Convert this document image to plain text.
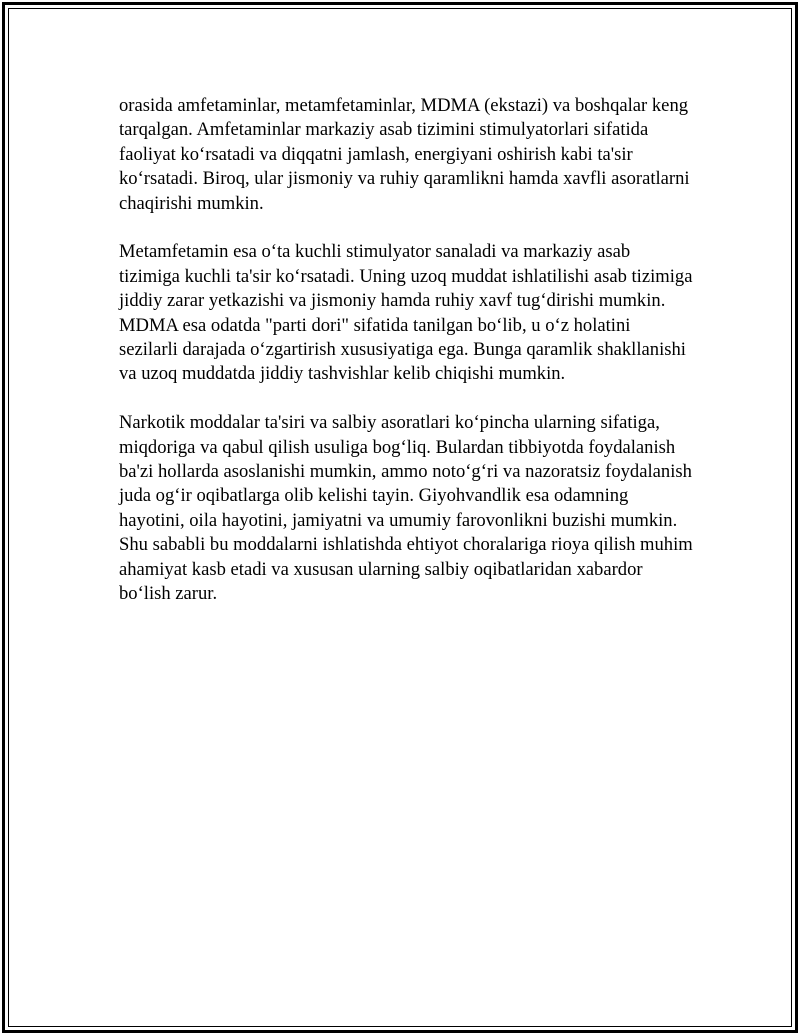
orasida amfetaminlar, metamfetaminlar, MDMA (ekstazi) va boshqalar keng
tarqalgan. Amfetaminlar markaziy asab tizimini stimulyatorlari sifatida
faoliyat ko‘rsatadi va diqqatni jamlash, energiyani oshirish kabi ta'sir
ko‘rsatadi. Biroq, ular jismoniy va ruhiy qaramlikni hamda xavfli asoratlarni
chaqirishi mumkin.

Metamfetamin esa o‘ta kuchli stimulyator sanaladi va markaziy asab
tizimiga kuchli ta'sir ko‘rsatadi. Uning uzoq muddat ishlatilishi asab tizimiga
jiddiy zarar yetkazishi va jismoniy hamda ruhiy xavf tug‘dirishi mumkin.
MDMA esa odatda "parti dori" sifatida tanilgan bo‘lib, u o‘z holatini
sezilarli darajada o‘zgartirish xususiyatiga ega. Bunga qaramlik shakllanishi
va uzoq muddatda jiddiy tashvishlar kelib chiqishi mumkin.

Narkotik moddalar ta'siri va salbiy asoratlari ko‘pincha ularning sifatiga,
miqdoriga va qabul qilish usuliga bog‘liq. Bulardan tibbiyotda foydalanish
ba'zi hollarda asoslanishi mumkin, ammo noto‘g‘ri va nazoratsiz foydalanish
juda og‘ir oqibatlarga olib kelishi tayin. Giyohvandlik esa odamning
hayotini, oila hayotini, jamiyatni va umumiy farovonlikni buzishi mumkin.
Shu sababli bu moddalarni ishlatishda ehtiyot choralariga rioya qilish muhim
ahamiyat kasb etadi va xususan ularning salbiy oqibatlaridan xabardor
bo‘lish zarur.
